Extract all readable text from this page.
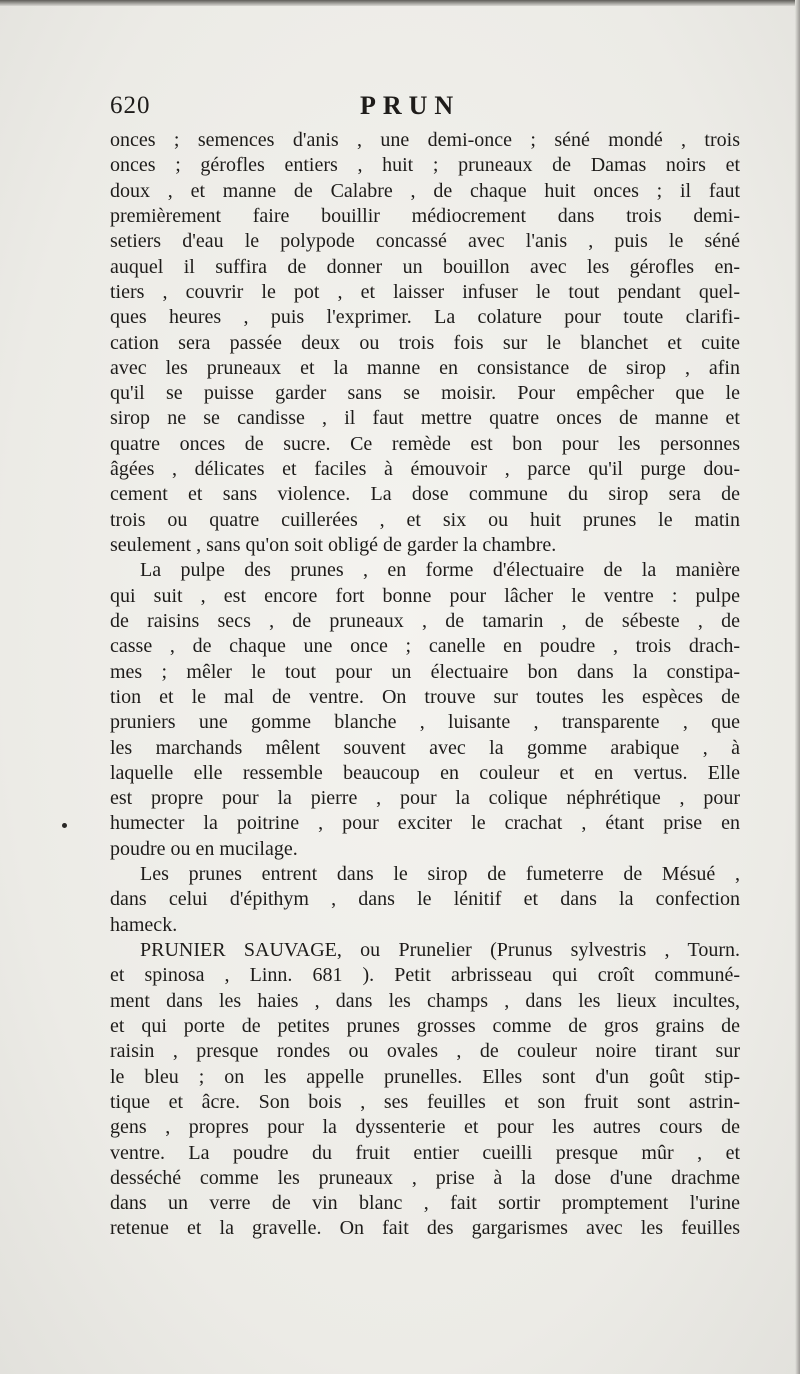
620	PRUN
onces ; semences d'anis , une demi-once ; séné mondé , trois
onces ; gérofles entiers , huit ; pruneaux de Damas noirs et
doux , et manne de Calabre , de chaque huit onces ; il faut
premièrement faire bouillir médiocrement dans trois demi-
setiers d'eau le polypode concassé avec l'anis , puis le séné
auquel il suffira de donner un bouillon avec les gérofles en-
tiers , couvrir le pot , et laisser infuser le tout pendant quel-
ques heures , puis l'exprimer. La colature pour toute clarifi-
cation sera passée deux ou trois fois sur le blanchet et cuite
avec les pruneaux et la manne en consistance de sirop , afin
qu'il se puisse garder sans se moisir. Pour empêcher que le
sirop ne se candisse , il faut mettre quatre onces de manne et
quatre onces de sucre. Ce remède est bon pour les personnes
âgées , délicates et faciles à émouvoir , parce qu'il purge dou-
cement et sans violence. La dose commune du sirop sera de
trois ou quatre cuillerées , et six ou huit prunes le matin
seulement , sans qu'on soit obligé de garder la chambre.
La pulpe des prunes , en forme d'électuaire de la manière
qui suit , est encore fort bonne pour lâcher le ventre : pulpe
de raisins secs , de pruneaux , de tamarin , de sébeste , de
casse , de chaque une once ; canelle en poudre , trois drach-
mes ; mêler le tout pour un électuaire bon dans la constipa-
tion et le mal de ventre. On trouve sur toutes les espèces de
pruniers une gomme blanche , luisante , transparente , que
les marchands mêlent souvent avec la gomme arabique , à
laquelle elle ressemble beaucoup en couleur et en vertus. Elle
est propre pour la pierre , pour la colique néphrétique , pour
humecter la poitrine , pour exciter le crachat , étant prise en
poudre ou en mucilage.
Les prunes entrent dans le sirop de fumeterre de Mésué ,
dans celui d'épithym , dans le lénitif et dans la confection
hameck.
PRUNIER SAUVAGE, ou Prunelier (Prunus sylvestris , Tourn.
et spinosa , Linn. 681 ). Petit arbrisseau qui croît communé-
ment dans les haies , dans les champs , dans les lieux incultes,
et qui porte de petites prunes grosses comme de gros grains de
raisin , presque rondes ou ovales , de couleur noire tirant sur
le bleu ; on les appelle prunelles. Elles sont d'un goût stip-
tique et âcre. Son bois , ses feuilles et son fruit sont astrin-
gens , propres pour la dyssenterie et pour les autres cours de
ventre. La poudre du fruit entier cueilli presque mûr , et
desséché comme les pruneaux , prise à la dose d'une drachme
dans un verre de vin blanc , fait sortir promptement l'urine
retenue et la gravelle. On fait des gargarismes avec les feuilles
